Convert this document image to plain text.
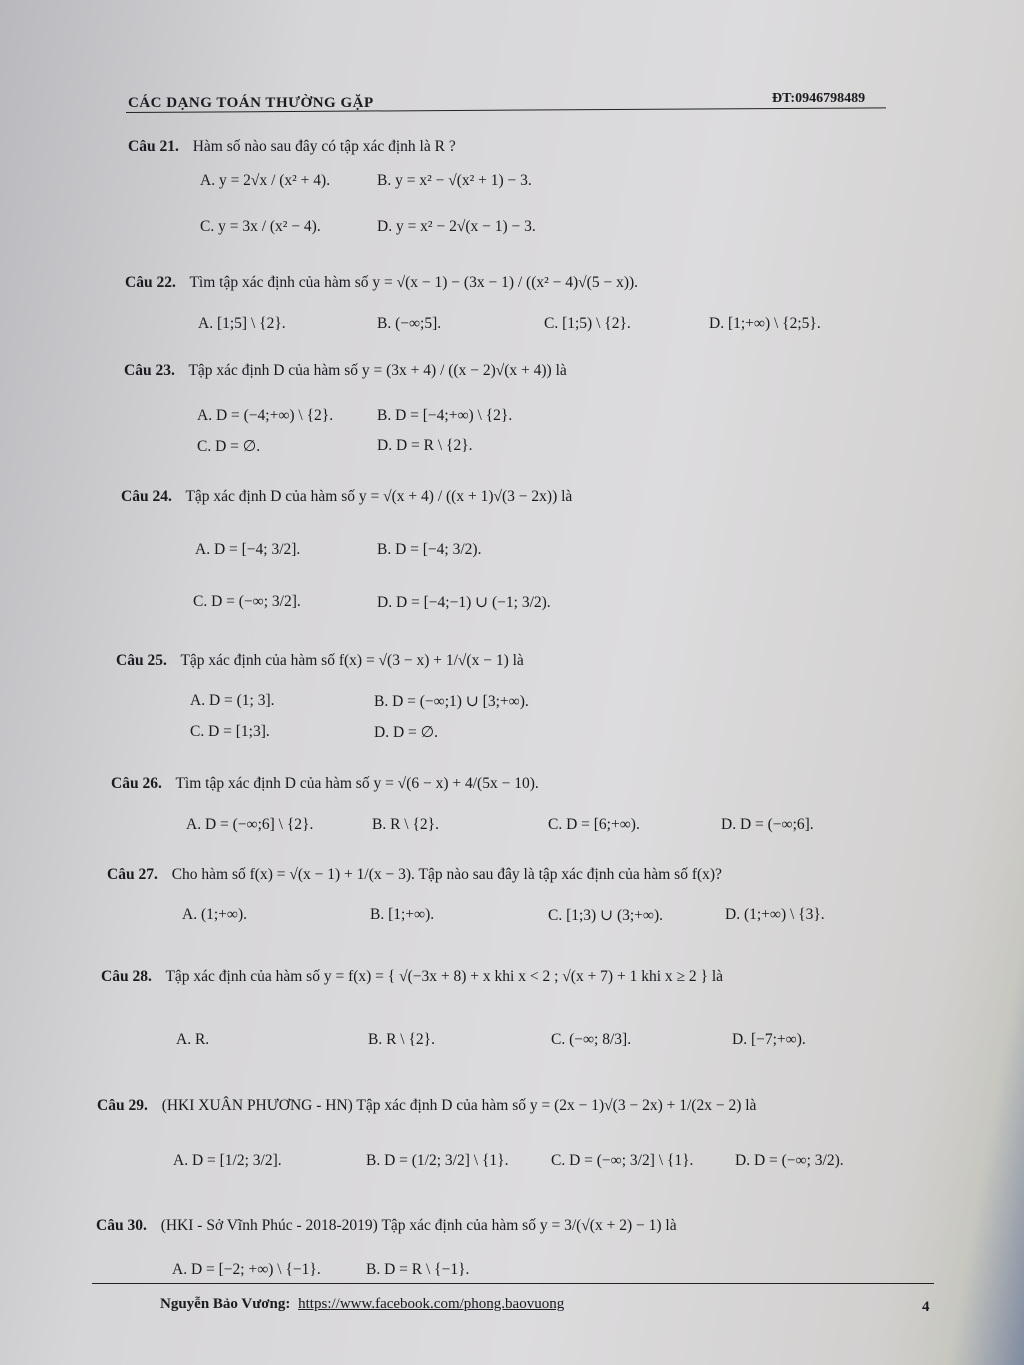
CÁC DẠNG TOÁN THƯỜNG GẶP	ĐT:0946798489
Câu 21. Hàm số nào sau đây có tập xác định là R ?
A. y = 2√x / (x² + 4).	B. y = x² − √(x² + 1) − 3.
C. y = 3x / (x² − 4).	D. y = x² − 2√(x − 1) − 3.
Câu 22. Tìm tập xác định của hàm số y = √(x − 1) − (3x − 1) / ((x² − 4)√(5 − x)).
A. [1;5] \ {2}.	B. (−∞;5].	C. [1;5) \ {2}.	D. [1;+∞) \ {2;5}.
Câu 23. Tập xác định D của hàm số y = (3x + 4) / ((x − 2)√(x + 4)) là
A. D = (−4;+∞) \ {2}.	B. D = [−4;+∞) \ {2}.
C. D = ∅.	D. D = R \ {2}.
Câu 24. Tập xác định D của hàm số y = √(x + 4) / ((x + 1)√(3 − 2x)) là
A. D = [−4; 3/2].	B. D = [−4; 3/2).
C. D = (−∞; 3/2].	D. D = [−4;−1) ∪ (−1; 3/2).
Câu 25. Tập xác định của hàm số f(x) = √(3 − x) + 1/√(x − 1) là
A. D = (1; 3].	B. D = (−∞;1) ∪ [3;+∞).
C. D = [1;3].	D. D = ∅.
Câu 26. Tìm tập xác định D của hàm số y = √(6 − x) + 4/(5x − 10).
A. D = (−∞;6] \ {2}.	B. R \ {2}.	C. D = [6;+∞).	D. D = (−∞;6].
Câu 27. Cho hàm số f(x) = √(x − 1) + 1/(x − 3). Tập nào sau đây là tập xác định của hàm số f(x)?
A. (1;+∞).	B. [1;+∞).	C. [1;3) ∪ (3;+∞).	D. (1;+∞) \ {3}.
Câu 28. Tập xác định của hàm số y = f(x) = { √(−3x + 8) + x khi x < 2 ; √(x + 7) + 1 khi x ≥ 2 } là
A. R.	B. R \ {2}.	C. (−∞; 8/3].	D. [−7;+∞).
Câu 29. (HKI XUÂN PHƯƠNG - HN) Tập xác định D của hàm số y = (2x − 1)√(3 − 2x) + 1/(2x − 2) là
A. D = [1/2; 3/2].	B. D = (1/2; 3/2] \ {1}.	C. D = (−∞; 3/2] \ {1}.	D. D = (−∞; 3/2).
Câu 30. (HKI - Sở Vĩnh Phúc - 2018-2019) Tập xác định của hàm số y = 3/(√(x + 2) − 1) là
A. D = [−2; +∞) \ {−1}.	B. D = R \ {−1}.
Nguyễn Bảo Vương: https://www.facebook.com/phong.baovuong	4
